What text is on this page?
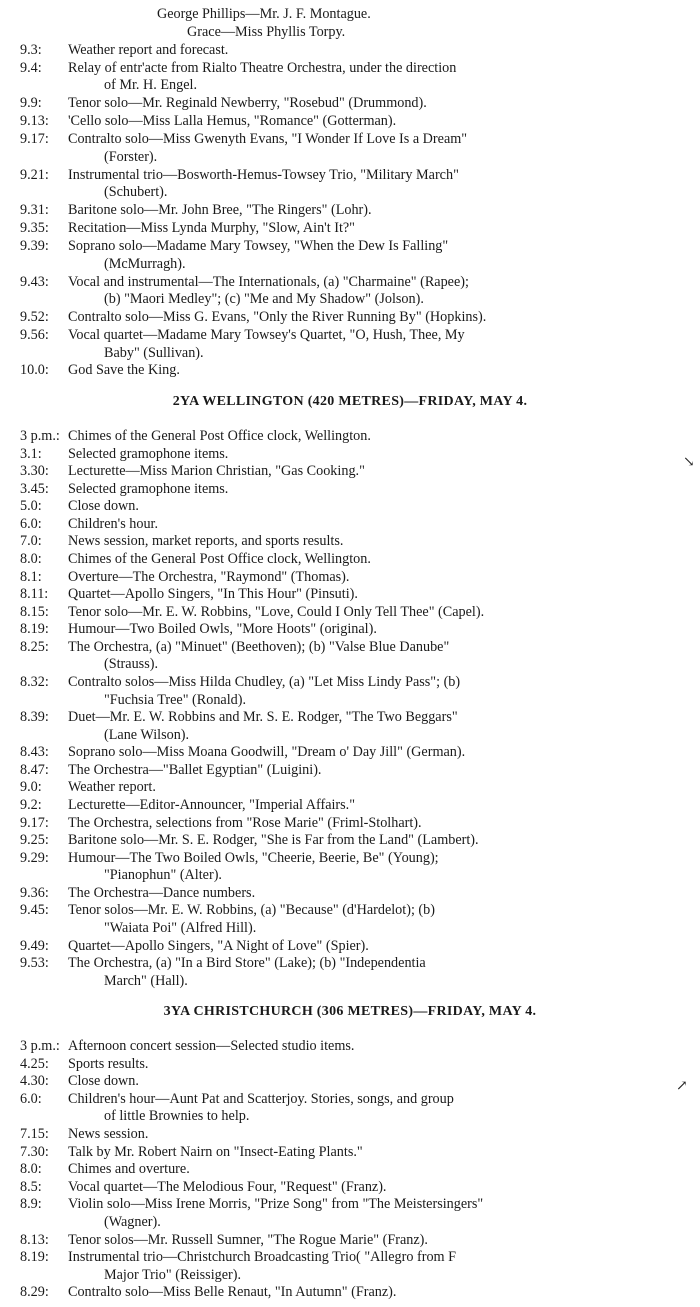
George Phillips—Mr. J. F. Montague.
Grace—Miss Phyllis Torpy.
9.3: Weather report and forecast.
9.4: Relay of entr'acte from Rialto Theatre Orchestra, under the direction
of Mr. H. Engel.
9.9: Tenor solo—Mr. Reginald Newberry, "Rosebud" (Drummond).
9.13: 'Cello solo—Miss Lalla Hemus, "Romance" (Gotterman).
9.17: Contralto solo—Miss Gwenyth Evans, "I Wonder If Love Is a Dream"
(Forster).
9.21: Instrumental trio—Bosworth-Hemus-Towsey Trio, "Military March"
(Schubert).
9.31: Baritone solo—Mr. John Bree, "The Ringers" (Lohr).
9.35: Recitation—Miss Lynda Murphy, "Slow, Ain't It?"
9.39: Soprano solo—Madame Mary Towsey, "When the Dew Is Falling"
(McMurragh).
9.43: Vocal and instrumental—The Internationals, (a) "Charmaine" (Rapee);
(b) "Maori Medley"; (c) "Me and My Shadow" (Jolson).
9.52: Contralto solo—Miss G. Evans, "Only the River Running By" (Hopkins).
9.56: Vocal quartet—Madame Mary Towsey's Quartet, "O, Hush, Thee, My
Baby" (Sullivan).
10.0: God Save the King.
2YA WELLINGTON (420 METRES)—FRIDAY, MAY 4.
3 p.m.: Chimes of the General Post Office clock, Wellington.
3.1: Selected gramophone items.
3.30: Lecturette—Miss Marion Christian, "Gas Cooking."
3.45: Selected gramophone items.
5.0: Close down.
6.0: Children's hour.
7.0: News session, market reports, and sports results.
8.0: Chimes of the General Post Office clock, Wellington.
8.1: Overture—The Orchestra, "Raymond" (Thomas).
8.11: Quartet—Apollo Singers, "In This Hour" (Pinsuti).
8.15: Tenor solo—Mr. E. W. Robbins, "Love, Could I Only Tell Thee" (Capel).
8.19: Humour—Two Boiled Owls, "More Hoots" (original).
8.25: The Orchestra, (a) "Minuet" (Beethoven); (b) "Valse Blue Danube"
(Strauss).
8.32: Contralto solos—Miss Hilda Chudley, (a) "Let Miss Lindy Pass"; (b)
"Fuchsia Tree" (Ronald).
8.39: Duet—Mr. E. W. Robbins and Mr. S. E. Rodger, "The Two Beggars"
(Lane Wilson).
8.43: Soprano solo—Miss Moana Goodwill, "Dream o' Day Jill" (German).
8.47: The Orchestra—"Ballet Egyptian" (Luigini).
9.0: Weather report.
9.2: Lecturette—Editor-Announcer, "Imperial Affairs."
9.17: The Orchestra, selections from "Rose Marie" (Friml-Stolhart).
9.25: Baritone solo—Mr. S. E. Rodger, "She is Far from the Land" (Lambert).
9.29: Humour—The Two Boiled Owls, "Cheerie, Beerie, Be" (Young);
"Pianophun" (Alter).
9.36: The Orchestra—Dance numbers.
9.45: Tenor solos—Mr. E. W. Robbins, (a) "Because" (d'Hardelot); (b)
"Waiata Poi" (Alfred Hill).
9.49: Quartet—Apollo Singers, "A Night of Love" (Spier).
9.53: The Orchestra, (a) "In a Bird Store" (Lake); (b) "Independentia
March" (Hall).
3YA CHRISTCHURCH (306 METRES)—FRIDAY, MAY 4.
3 p.m.: Afternoon concert session—Selected studio items.
4.25: Sports results.
4.30: Close down.
6.0: Children's hour—Aunt Pat and Scatterjoy. Stories, songs, and group
of little Brownies to help.
7.15: News session.
7.30: Talk by Mr. Robert Nairn on "Insect-Eating Plants."
8.0: Chimes and overture.
8.5: Vocal quartet—The Melodious Four, "Request" (Franz).
8.9: Violin solo—Miss Irene Morris, "Prize Song" from "The Meistersingers"
(Wagner).
8.13: Tenor solos—Mr. Russell Sumner, "The Rogue Marie" (Franz).
8.19: Instrumental trio—Christchurch Broadcasting Trio( "Allegro from F
Major Trio" (Reissiger).
8.29: Contralto solo—Miss Belle Renaut, "In Autumn" (Franz).
↘
↗
